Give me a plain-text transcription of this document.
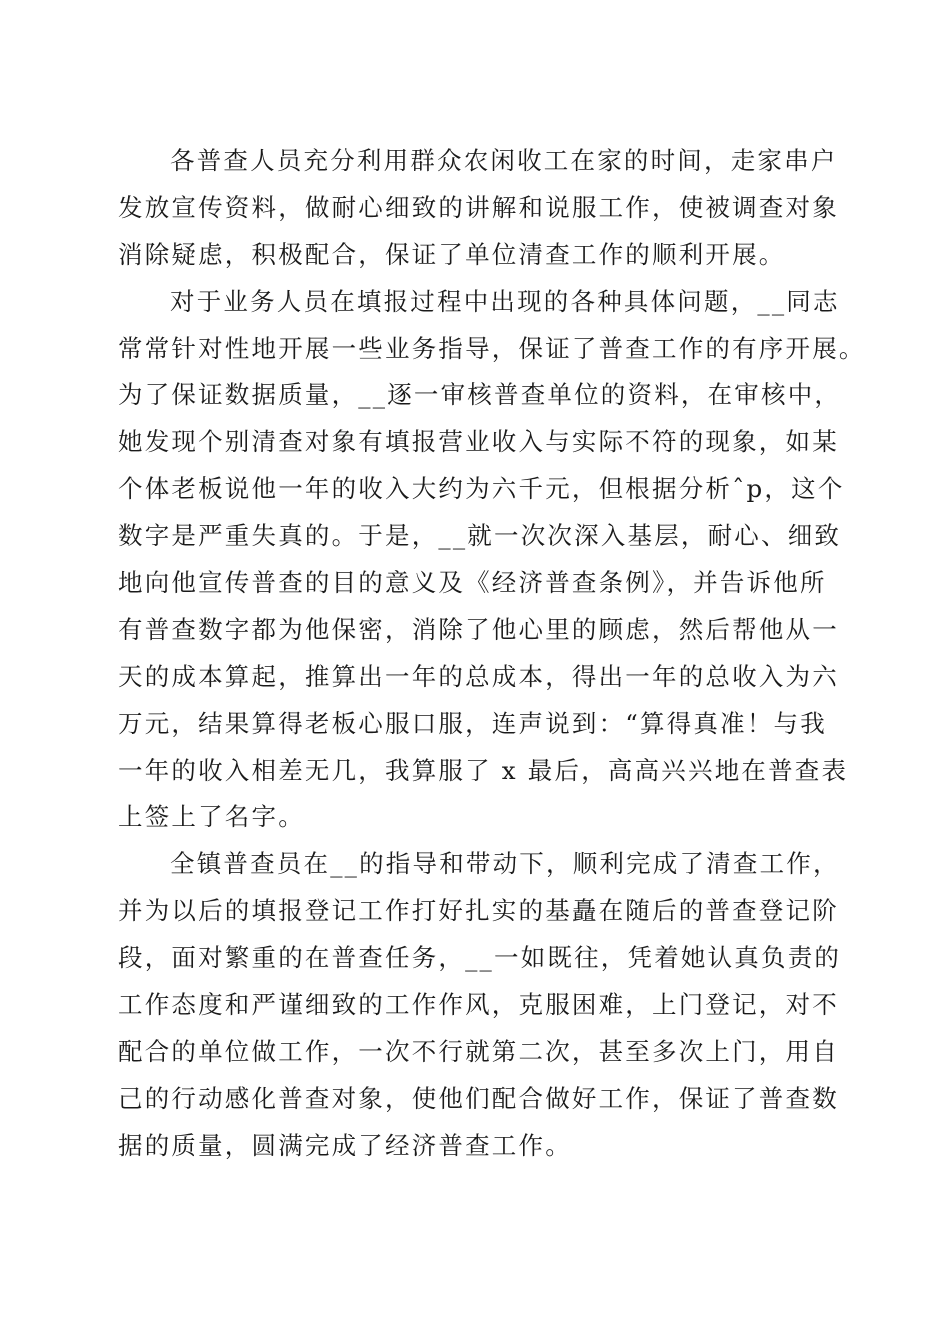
各普查人员充分利用群众农闲收工在家的时间，走家串户
发放宣传资料，做耐心细致的讲解和说服工作，使被调查对象
消除疑虑，积极配合，保证了单位清查工作的顺利开展。
对于业务人员在填报过程中出现的各种具体问题，__同志
常常针对性地开展一些业务指导，保证了普查工作的有序开展。
为了保证数据质量，__逐一审核普查单位的资料，在审核中，
她发现个别清查对象有填报营业收入与实际不符的现象，如某
个体老板说他一年的收入大约为六千元，但根据分析ˆp，这个
数字是严重失真的。于是，__就一次次深入基层，耐心、细致
地向他宣传普查的目的意义及《经济普查条例》，并告诉他所
有普查数字都为他保密，消除了他心里的顾虑，然后帮他从一
天的成本算起，推算出一年的总成本，得出一年的总收入为六
万元，结果算得老板心服口服，连声说到：“算得真准！与我
一年的收入相差无几，我算服了 x 最后，高高兴兴地在普查表
上签上了名字。
全镇普查员在__的指导和带动下，顺利完成了清查工作，
并为以后的填报登记工作打好扎实的基矗在随后的普查登记阶
段，面对繁重的在普查任务，__一如既往，凭着她认真负责的
工作态度和严谨细致的工作作风，克服困难，上门登记，对不
配合的单位做工作，一次不行就第二次，甚至多次上门，用自
己的行动感化普查对象，使他们配合做好工作，保证了普查数
据的质量，圆满完成了经济普查工作。
